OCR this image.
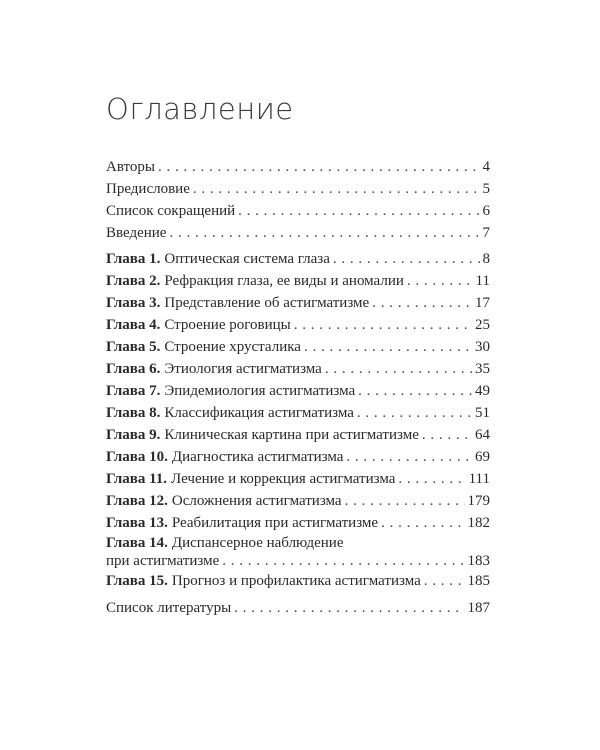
Оглавление
Авторы . . .	4
Предисловие . . .	5
Список сокращений . . .	6
Введение . . .	7
Глава 1. Оптическая система глаза . . .	8
Глава 2. Рефракция глаза, ее виды и аномалии . . .	11
Глава 3. Представление об астигматизме . . .	17
Глава 4. Строение роговицы . . .	25
Глава 5. Строение хрусталика . . .	30
Глава 6. Этиология астигматизма . . .	35
Глава 7. Эпидемиология астигматизма . . .	49
Глава 8. Классификация астигматизма . . .	51
Глава 9. Клиническая картина при астигматизме . . .	64
Глава 10. Диагностика астигматизма . . .	69
Глава 11. Лечение и коррекция астигматизма . . .	111
Глава 12. Осложнения астигматизма . . .	179
Глава 13. Реабилитация при астигматизме . . .	182
Глава 14. Диспансерное наблюдение
при астигматизме . . .	183
Глава 15. Прогноз и профилактика астигматизма . . .	185
Список литературы . . .	187
